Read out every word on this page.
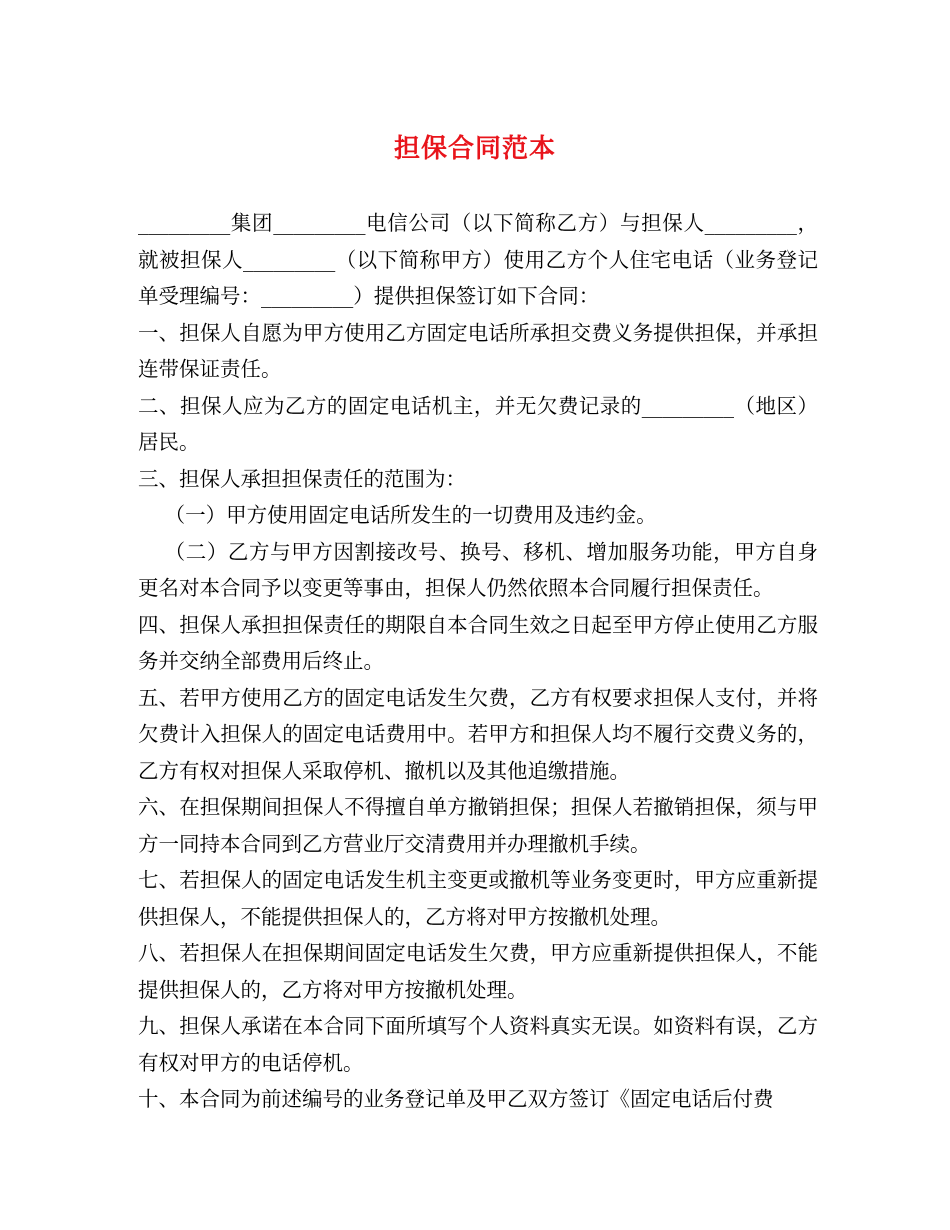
担保合同范本

_________集团_________电信公司（以下简称乙方）与担保人_________，就被担保人_________（以下简称甲方）使用乙方个人住宅电话（业务登记单受理编号：_________）提供担保签订如下合同：

一、担保人自愿为甲方使用乙方固定电话所承担交费义务提供担保，并承担连带保证责任。

二、担保人应为乙方的固定电话机主，并无欠费记录的_________（地区）居民。

三、担保人承担担保责任的范围为：

（一）甲方使用固定电话所发生的一切费用及违约金。

（二）乙方与甲方因割接改号、换号、移机、增加服务功能，甲方自身更名对本合同予以变更等事由，担保人仍然依照本合同履行担保责任。

四、担保人承担担保责任的期限自本合同生效之日起至甲方停止使用乙方服务并交纳全部费用后终止。

五、若甲方使用乙方的固定电话发生欠费，乙方有权要求担保人支付，并将欠费计入担保人的固定电话费用中。若甲方和担保人均不履行交费义务的，乙方有权对担保人采取停机、撤机以及其他追缴措施。

六、在担保期间担保人不得擅自单方撤销担保；担保人若撤销担保，须与甲方一同持本合同到乙方营业厅交清费用并办理撤机手续。

七、若担保人的固定电话发生机主变更或撤机等业务变更时，甲方应重新提供担保人，不能提供担保人的，乙方将对甲方按撤机处理。

八、若担保人在担保期间固定电话发生欠费，甲方应重新提供担保人，不能提供担保人的，乙方将对甲方按撤机处理。

九、担保人承诺在本合同下面所填写个人资料真实无误。如资料有误，乙方有权对甲方的电话停机。

十、本合同为前述编号的业务登记单及甲乙双方签订《固定电话后付费
